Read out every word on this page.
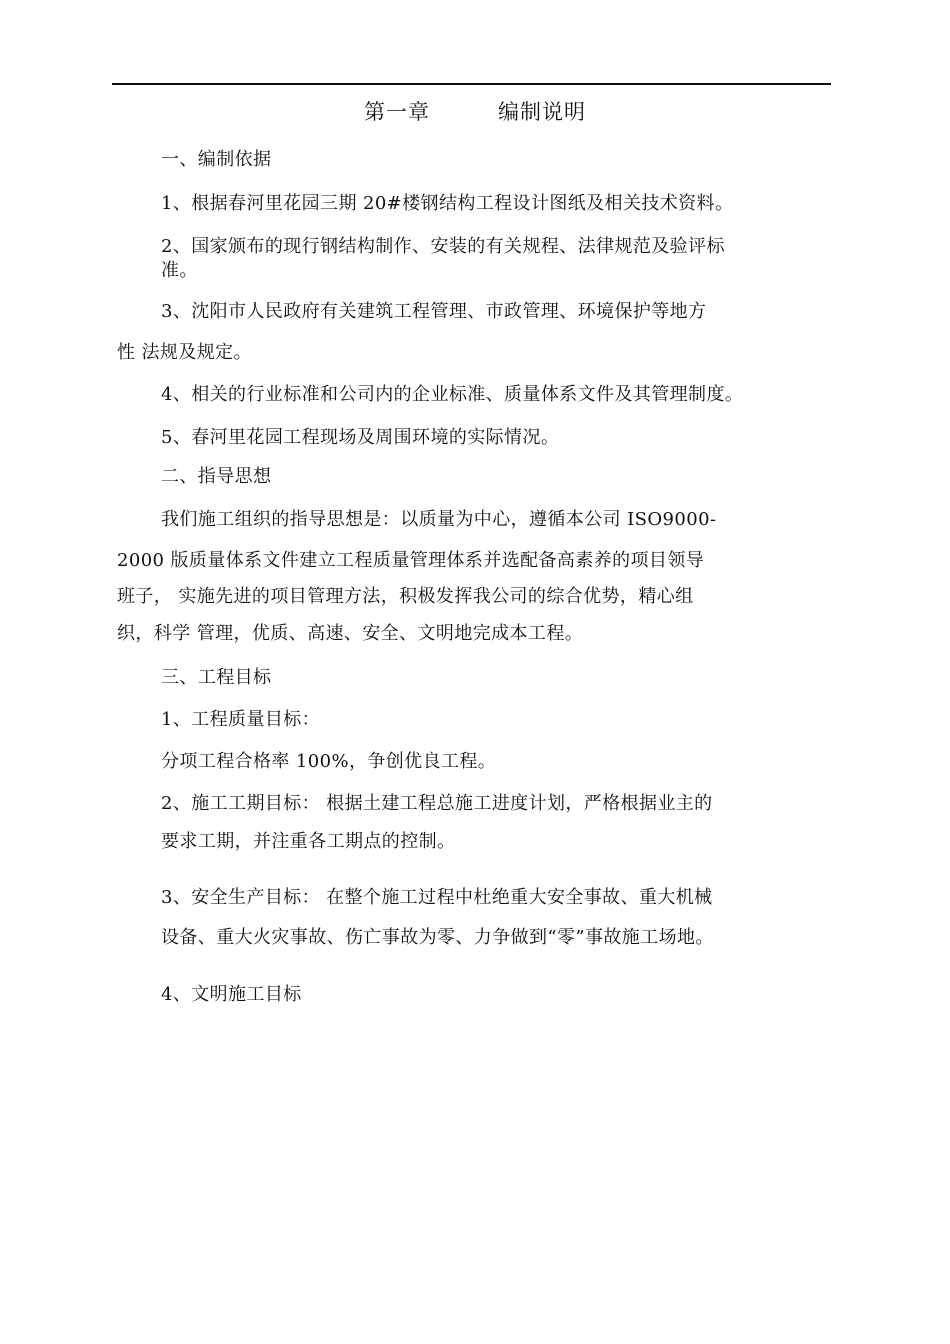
第一章	编制说明
一、编制依据
1、根据春河里花园三期 20#楼钢结构工程设计图纸及相关技术资料。
2、国家颁布的现行钢结构制作、安装的有关规程、法律规范及验评标
准。
3、沈阳市人民政府有关建筑工程管理、市政管理、环境保护等地方
性 法规及规定。
4、相关的行业标准和公司内的企业标准、质量体系文件及其管理制度。
5、春河里花园工程现场及周围环境的实际情况。
二、指导思想
我们施工组织的指导思想是：以质量为中心，遵循本公司 ISO9000-
2000 版质量体系文件建立工程质量管理体系并选配备高素养的项目领导
班子， 实施先进的项目管理方法，积极发挥我公司的综合优势，精心组
织，科学 管理，优质、高速、安全、文明地完成本工程。
三、工程目标
1、工程质量目标：
分项工程合格率 100%，争创优良工程。
2、施工工期目标： 根据土建工程总施工进度计划，严格根据业主的
要求工期，并注重各工期点的控制。
3、安全生产目标： 在整个施工过程中杜绝重大安全事故、重大机械
设备、重大火灾事故、伤亡事故为零、力争做到“零”事故施工场地。
4、文明施工目标
